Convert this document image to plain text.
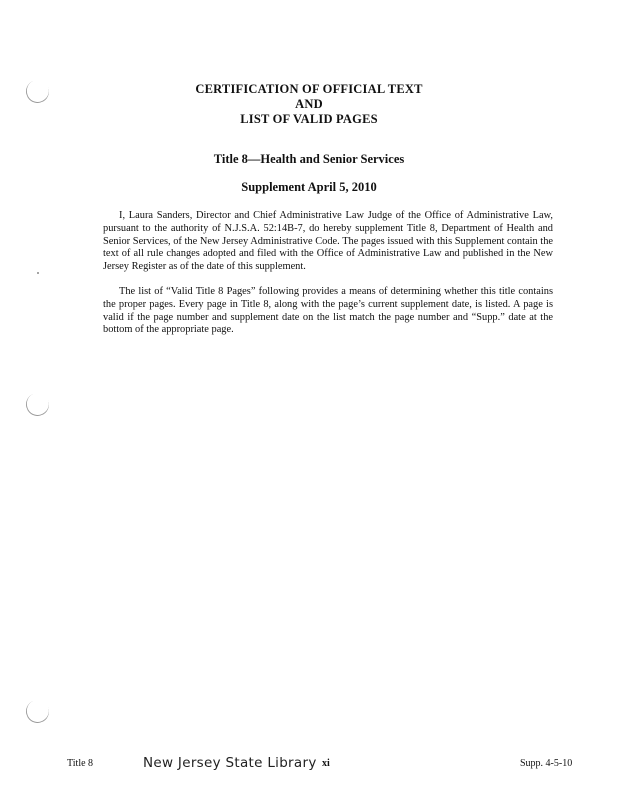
CERTIFICATION OF OFFICIAL TEXT
AND
LIST OF VALID PAGES
Title 8—Health and Senior Services
Supplement April 5, 2010

I, Laura Sanders, Director and Chief Administrative Law Judge of the Office of Administrative Law, pursuant to the authority of N.J.S.A. 52:14B-7, do hereby supplement Title 8, Department of Health and Senior Services, of the New Jersey Administrative Code. The pages issued with this Supplement contain the text of all rule changes adopted and filed with the Office of Administrative Law and published in the New Jersey Register as of the date of this supplement.

The list of “Valid Title 8 Pages” following provides a means of determining whether this title contains the proper pages. Every page in Title 8, along with the page’s current supplement date, is listed. A page is valid if the page number and supplement date on the list match the page number and “Supp.” date at the bottom of the appropriate page.

Title 8	New Jersey State Library xi	Supp. 4-5-10
